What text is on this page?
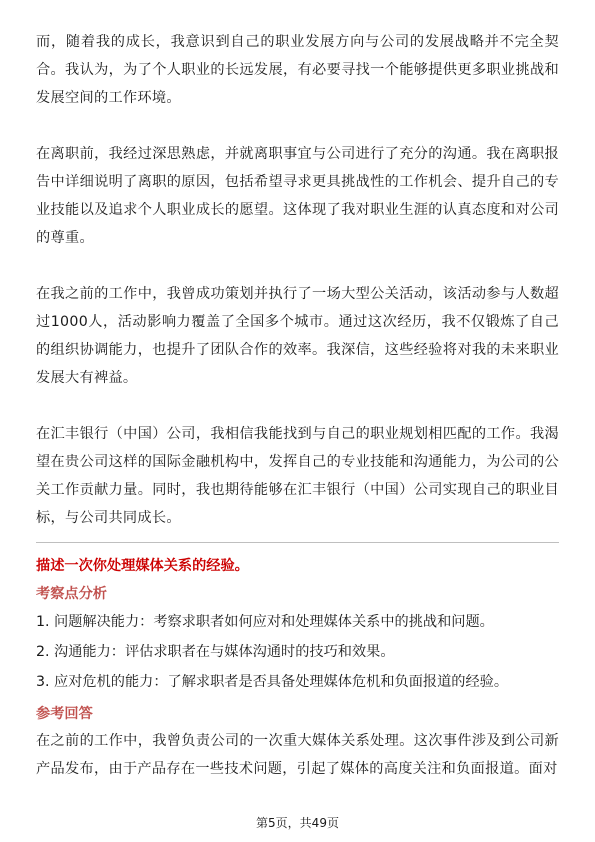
而，随着我的成长，我意识到自己的职业发展方向与公司的发展战略并不完全契合。我认为，为了个人职业的长远发展，有必要寻找一个能够提供更多职业挑战和发展空间的工作环境。

在离职前，我经过深思熟虑，并就离职事宜与公司进行了充分的沟通。我在离职报告中详细说明了离职的原因，包括希望寻求更具挑战性的工作机会、提升自己的专业技能以及追求个人职业成长的愿望。这体现了我对职业生涯的认真态度和对公司的尊重。

在我之前的工作中，我曾成功策划并执行了一场大型公关活动，该活动参与人数超过1000人，活动影响力覆盖了全国多个城市。通过这次经历，我不仅锻炼了自己的组织协调能力，也提升了团队合作的效率。我深信，这些经验将对我的未来职业发展大有裨益。

在汇丰银行（中国）公司，我相信我能找到与自己的职业规划相匹配的工作。我渴望在贵公司这样的国际金融机构中，发挥自己的专业技能和沟通能力，为公司的公关工作贡献力量。同时，我也期待能够在汇丰银行（中国）公司实现自己的职业目标，与公司共同成长。

描述一次你处理媒体关系的经验。

考察点分析

1. 问题解决能力：考察求职者如何应对和处理媒体关系中的挑战和问题。

2. 沟通能力：评估求职者在与媒体沟通时的技巧和效果。

3. 应对危机的能力：了解求职者是否具备处理媒体危机和负面报道的经验。

参考回答

在之前的工作中，我曾负责公司的一次重大媒体关系处理。这次事件涉及到公司新产品发布，由于产品存在一些技术问题，引起了媒体的高度关注和负面报道。面对

第5页，共49页
